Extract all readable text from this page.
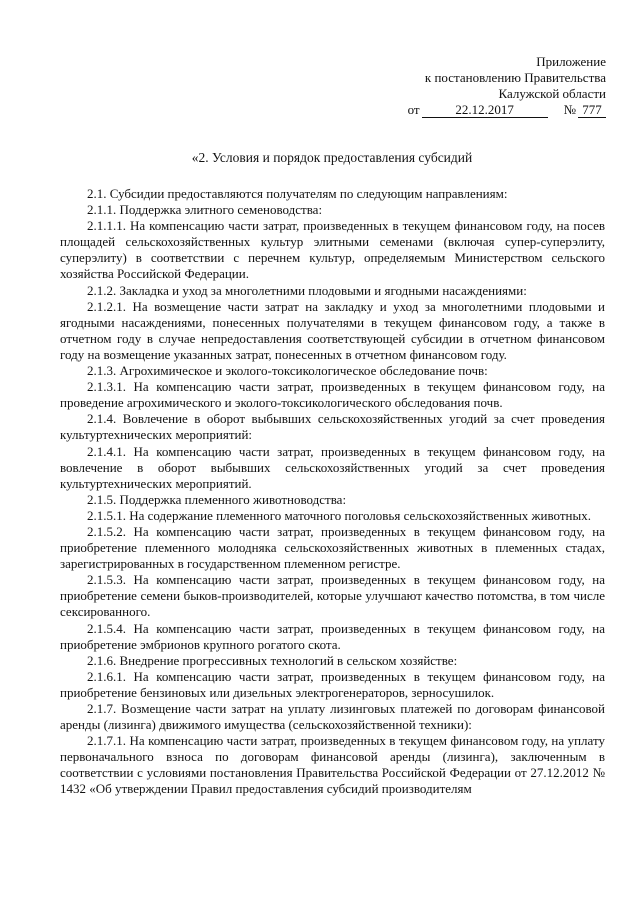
Приложение
к постановлению Правительства
Калужской области
от	22.12.2017	№ 777
«2. Условия и порядок предоставления субсидий

2.1. Субсидии предоставляются получателям по следующим направлениям:

2.1.1. Поддержка элитного семеноводства:

2.1.1.1. На компенсацию части затрат, произведенных в текущем финансовом году, на посев площадей сельскохозяйственных культур элитными семенами (включая супер-суперэлиту, суперэлиту) в соответствии с перечнем культур, определяемым Министерством сельского хозяйства Российской Федерации.

2.1.2. Закладка и уход за многолетними плодовыми и ягодными насаждениями:

2.1.2.1. На возмещение части затрат на закладку и уход за многолетними плодовыми и ягодными насаждениями, понесенных получателями в текущем финансовом году, а также в отчетном году в случае непредоставления соответствующей субсидии в отчетном финансовом году на возмещение указанных затрат, понесенных в отчетном финансовом году.

2.1.3. Агрохимическое и эколого-токсикологическое обследование почв:

2.1.3.1. На компенсацию части затрат, произведенных в текущем финансовом году, на проведение агрохимического и эколого-токсикологического обследования почв.

2.1.4. Вовлечение в оборот выбывших сельскохозяйственных угодий за счет проведения культуртехнических мероприятий:

2.1.4.1. На компенсацию части затрат, произведенных в текущем финансовом году, на вовлечение в оборот выбывших сельскохозяйственных угодий за счет проведения культуртехнических мероприятий.

2.1.5. Поддержка племенного животноводства:

2.1.5.1. На содержание племенного маточного поголовья сельскохозяйственных животных.

2.1.5.2. На компенсацию части затрат, произведенных в текущем финансовом году, на приобретение племенного молодняка сельскохозяйственных животных в племенных стадах, зарегистрированных в государственном племенном регистре.

2.1.5.3. На компенсацию части затрат, произведенных в текущем финансовом году, на приобретение семени быков-производителей, которые улучшают качество потомства, в том числе сексированного.

2.1.5.4. На компенсацию части затрат, произведенных в текущем финансовом году, на приобретение эмбрионов крупного рогатого скота.

2.1.6. Внедрение прогрессивных технологий в сельском хозяйстве:

2.1.6.1. На компенсацию части затрат, произведенных в текущем финансовом году, на приобретение бензиновых или дизельных электрогенераторов, зерносушилок.

2.1.7. Возмещение части затрат на уплату лизинговых платежей по договорам финансовой аренды (лизинга) движимого имущества (сельскохозяйственной техники):

2.1.7.1. На компенсацию части затрат, произведенных в текущем финансовом году, на уплату первоначального взноса по договорам финансовой аренды (лизинга), заключенным в соответствии с условиями постановления Правительства Российской Федерации от 27.12.2012 № 1432 «Об утверждении Правил предоставления субсидий производителям
